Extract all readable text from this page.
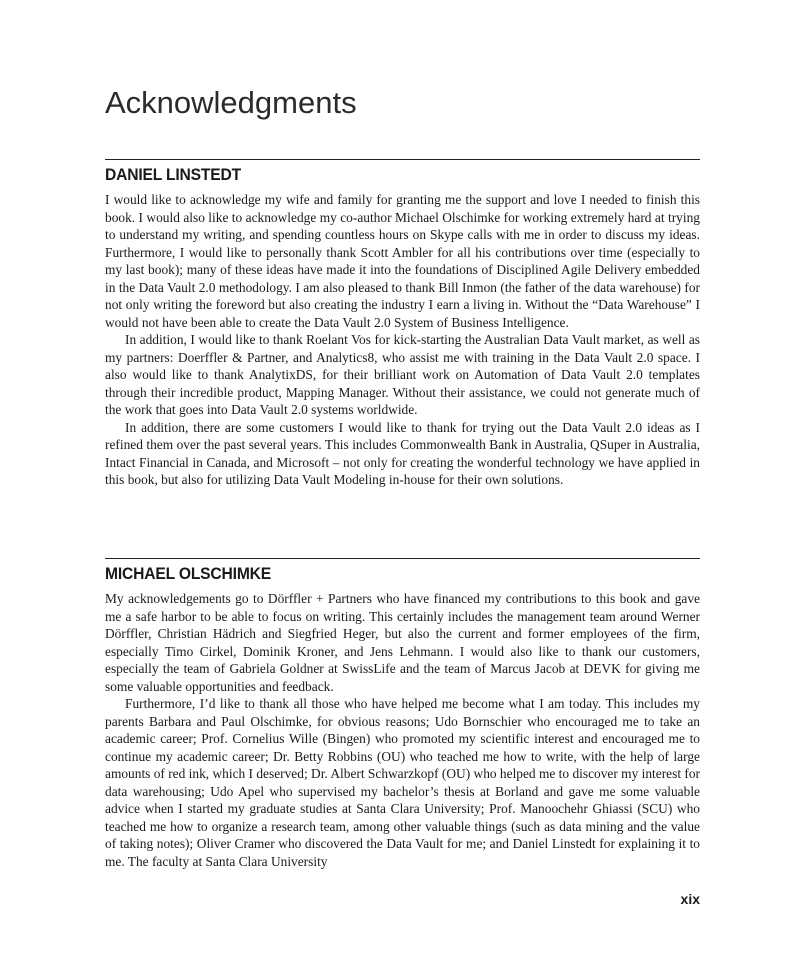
Acknowledgments
DANIEL LINSTEDT

I would like to acknowledge my wife and family for granting me the support and love I needed to finish this book. I would also like to acknowledge my co-author Michael Olschimke for working extremely hard at trying to understand my writing, and spending countless hours on Skype calls with me in order to discuss my ideas. Furthermore, I would like to personally thank Scott Ambler for all his contributions over time (especially to my last book); many of these ideas have made it into the foundations of Disciplined Agile Delivery embedded in the Data Vault 2.0 methodology. I am also pleased to thank Bill Inmon (the father of the data warehouse) for not only writing the foreword but also creating the industry I earn a living in. Without the “Data Warehouse” I would not have been able to create the Data Vault 2.0 System of Business Intelligence.

In addition, I would like to thank Roelant Vos for kick-starting the Australian Data Vault market, as well as my partners: Doerffler & Partner, and Analytics8, who assist me with training in the Data Vault 2.0 space. I also would like to thank AnalytixDS, for their brilliant work on Automation of Data Vault 2.0 templates through their incredible product, Mapping Manager. Without their assistance, we could not generate much of the work that goes into Data Vault 2.0 systems worldwide.

In addition, there are some customers I would like to thank for trying out the Data Vault 2.0 ideas as I refined them over the past several years. This includes Commonwealth Bank in Australia, QSuper in Australia, Intact Financial in Canada, and Microsoft – not only for creating the wonderful technology we have applied in this book, but also for utilizing Data Vault Modeling in-house for their own solutions.

MICHAEL OLSCHIMKE

My acknowledgements go to Dörffler + Partners who have financed my contributions to this book and gave me a safe harbor to be able to focus on writing. This certainly includes the management team around Werner Dörffler, Christian Hädrich and Siegfried Heger, but also the current and former employees of the firm, especially Timo Cirkel, Dominik Kroner, and Jens Lehmann. I would also like to thank our customers, especially the team of Gabriela Goldner at SwissLife and the team of Marcus Jacob at DEVK for giving me some valuable opportunities and feedback.

Furthermore, I’d like to thank all those who have helped me become what I am today. This includes my parents Barbara and Paul Olschimke, for obvious reasons; Udo Bornschier who encouraged me to take an academic career; Prof. Cornelius Wille (Bingen) who promoted my scientific interest and encouraged me to continue my academic career; Dr. Betty Robbins (OU) who teached me how to write, with the help of large amounts of red ink, which I deserved; Dr. Albert Schwarzkopf (OU) who helped me to discover my interest for data warehousing; Udo Apel who supervised my bachelor’s thesis at Borland and gave me some valuable advice when I started my graduate studies at Santa Clara University; Prof. Manoochehr Ghiassi (SCU) who teached me how to organize a research team, among other valuable things (such as data mining and the value of taking notes); Oliver Cramer who discovered the Data Vault for me; and Daniel Linstedt for explaining it to me. The faculty at Santa Clara University

xix
